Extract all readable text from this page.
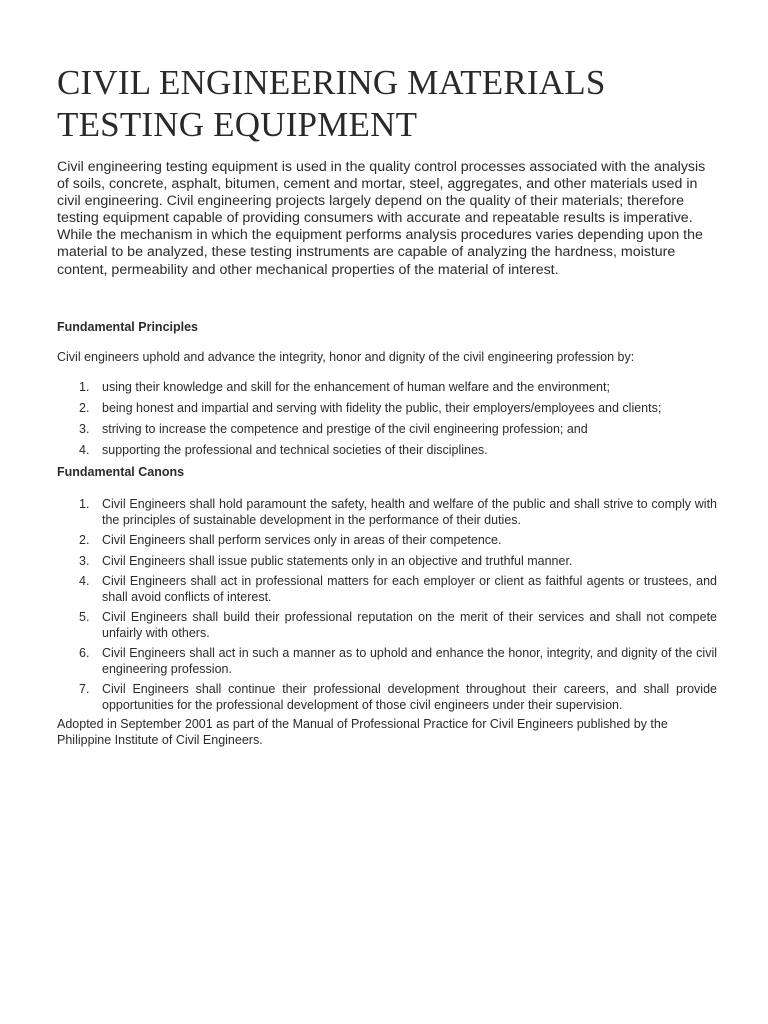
CIVIL ENGINEERING MATERIALS TESTING EQUIPMENT

Civil engineering testing equipment is used in the quality control processes associated with the analysis of soils, concrete, asphalt, bitumen, cement and mortar, steel, aggregates, and other materials used in civil engineering. Civil engineering projects largely depend on the quality of their materials; therefore testing equipment capable of providing consumers with accurate and repeatable results is imperative. While the mechanism in which the equipment performs analysis procedures varies depending upon the material to be analyzed, these testing instruments are capable of analyzing the hardness, moisture content, permeability and other mechanical properties of the material of interest.

Fundamental Principles

Civil engineers uphold and advance the integrity, honor and dignity of the civil engineering profession by:

1. using their knowledge and skill for the enhancement of human welfare and the environment;
2. being honest and impartial and serving with fidelity the public, their employers/employees and clients;
3. striving to increase the competence and prestige of the civil engineering profession; and
4. supporting the professional and technical societies of their disciplines.

Fundamental Canons

1. Civil Engineers shall hold paramount the safety, health and welfare of the public and shall strive to comply with the principles of sustainable development in the performance of their duties.
2. Civil Engineers shall perform services only in areas of their competence.
3. Civil Engineers shall issue public statements only in an objective and truthful manner.
4. Civil Engineers shall act in professional matters for each employer or client as faithful agents or trustees, and shall avoid conflicts of interest.
5. Civil Engineers shall build their professional reputation on the merit of their services and shall not compete unfairly with others.
6. Civil Engineers shall act in such a manner as to uphold and enhance the honor, integrity, and dignity of the civil engineering profession.
7. Civil Engineers shall continue their professional development throughout their careers, and shall provide opportunities for the professional development of those civil engineers under their supervision.

Adopted in September 2001 as part of the Manual of Professional Practice for Civil Engineers published by the Philippine Institute of Civil Engineers.
